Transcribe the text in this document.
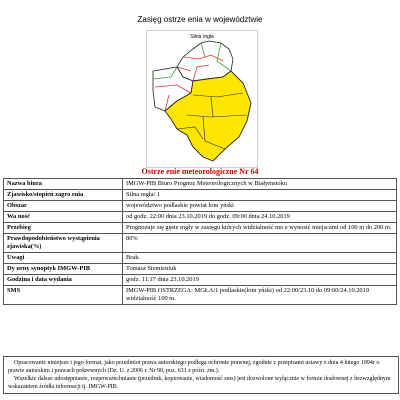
Zasięg ostrze enia w województwie
Silna mgła
Ostrze enie meteorologiczne Nr 64
Nazwa biura	IMGW-PIB Biuro Prognoz Meteorologicznych w Białymstoku
Zjawisko/stopień zagro enia	Silna mgła/ 1
Obszar	województwo podlaskie powiat łom yński
Wa ność	od godz. 22:00 dnia 23.10.2019 do godz. 09:00 dnia 24.10.2019
Przebieg	Prognozuje się gęste mgły w zasięgu których widzialność mo e wynosić miejscami od 100 m do 200 m.
Prawdopodobieństwo wystąpienia zjawiska(%)	80%
Uwagi	Brak.
Dy urny synoptyk IMGW-PIB	Tomasz Siemieniuk
Godzina i data wydania	godz. 11:17 dnia 23.10.2019
SMS	IMGW-PIB OSTRZEGA: MGŁA/1 podlaskie(łom yński) od 22:00/23.10 do 09:00/24.10.2019 widzialność 100 m.
Opracowanie niniejsze i jego format, jako przedmiot prawa autorskiego podlega ochronie prawnej, zgodnie z przepisami ustawy z dnia 4 lutego 1994r o prawie autorskim i prawach pokrewnych (Dz. U. z 2006 r. Nr 90, poz. 631 z późn. zm.).
Wszelkie dalsze udostępnianie, rozpowszechnianie (przedruk, kopiowanie, wiadomość sms) jest dozwolone wyłącznie w formie dosłownej z bezwzględnym wskazaniem źródła informacji tj. IMGW-PIB.
